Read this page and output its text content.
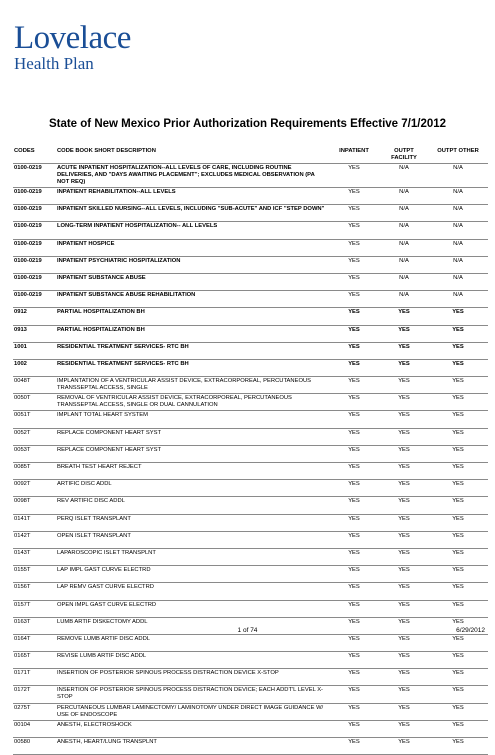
Lovelace
Health Plan
State of New Mexico Prior Authorization Requirements Effective 7/1/2012
CODES	CODE BOOK SHORT DESCRIPTION	INPATIENT	OUTPT FACILITY	OUTPT OTHER
0100-0219	ACUTE INPATIENT HOSPITALIZATION--ALL LEVELS OF CARE, INCLUDING ROUTINE DELIVERIES, AND "DAYS AWAITING PLACEMENT"; EXCLUDES MEDICAL OBSERVATION (PA NOT REQ)	YES	N/A	N/A
0100-0219	INPATIENT REHABILITATION--ALL LEVELS	YES	N/A	N/A
0100-0219	INPATIENT SKILLED NURSING--ALL LEVELS, INCLUDING "SUB-ACUTE" AND ICF "STEP DOWN"	YES	N/A	N/A
0100-0219	LONG-TERM INPATIENT HOSPITALIZATION-- ALL LEVELS	YES	N/A	N/A
0100-0219	INPATIENT HOSPICE	YES	N/A	N/A
0100-0219	INPATIENT PSYCHIATRIC HOSPITALIZATION	YES	N/A	N/A
0100-0219	INPATIENT SUBSTANCE ABUSE	YES	N/A	N/A
0100-0219	INPATIENT SUBSTANCE ABUSE REHABILITATION	YES	N/A	N/A
0912	PARTIAL HOSPITALIZATION BH	YES	YES	YES
0913	PARTIAL HOSPITALIZATION BH	YES	YES	YES
1001	RESIDENTIAL TREATMENT SERVICES- RTC BH	YES	YES	YES
1002	RESIDENTIAL TREATMENT SERVICES- RTC BH	YES	YES	YES
0048T	IMPLANTATION OF A VENTRICULAR ASSIST DEVICE, EXTRACORPOREAL, PERCUTANEOUS TRANSSEPTAL ACCESS, SINGLE	YES	YES	YES
0050T	REMOVAL OF VENTRICULAR ASSIST DEVICE, EXTRACORPOREAL, PERCUTANEOUS TRANSSEPTAL ACCESS, SINGLE OR DUAL CANNULATION	YES	YES	YES
0051T	IMPLANT TOTAL HEART SYSTEM	YES	YES	YES
0052T	REPLACE COMPONENT HEART SYST	YES	YES	YES
0053T	REPLACE COMPONENT HEART SYST	YES	YES	YES
0085T	BREATH TEST HEART REJECT	YES	YES	YES
0092T	ARTIFIC DISC ADDL	YES	YES	YES
0098T	REV ARTIFIC DISC ADDL	YES	YES	YES
0141T	PERQ ISLET TRANSPLANT	YES	YES	YES
0142T	OPEN ISLET TRANSPLANT	YES	YES	YES
0143T	LAPAROSCOPIC ISLET TRANSPLNT	YES	YES	YES
0155T	LAP IMPL GAST CURVE ELECTRD	YES	YES	YES
0156T	LAP REMV GAST CURVE ELECTRD	YES	YES	YES
0157T	OPEN IMPL GAST CURVE ELECTRD	YES	YES	YES
0163T	LUMB ARTIF DISKECTOMY ADDL	YES	YES	YES
0164T	REMOVE LUMB ARTIF DISC ADDL	YES	YES	YES
0165T	REVISE LUMB ARTIF DISC ADDL	YES	YES	YES
0171T	INSERTION OF POSTERIOR SPINOUS PROCESS DISTRACTION DEVICE X-STOP	YES	YES	YES
0172T	INSERTION OF POSTERIOR SPINOUS PROCESS DISTRACTION DEVICE; EACH ADDT'L LEVEL X-STOP	YES	YES	YES
0275T	PERCUTANEOUS LUMBAR LAMINECTOMY/ LAMINOTOMY UNDER DIRECT IMAGE GUIDANCE W/ USE OF ENDOSCOPE	YES	YES	YES
00104	ANESTH, ELECTROSHOCK	YES	YES	YES
00580	ANESTH, HEART/LUNG TRANSPLNT	YES	YES	YES
1 of 74	6/29/2012
